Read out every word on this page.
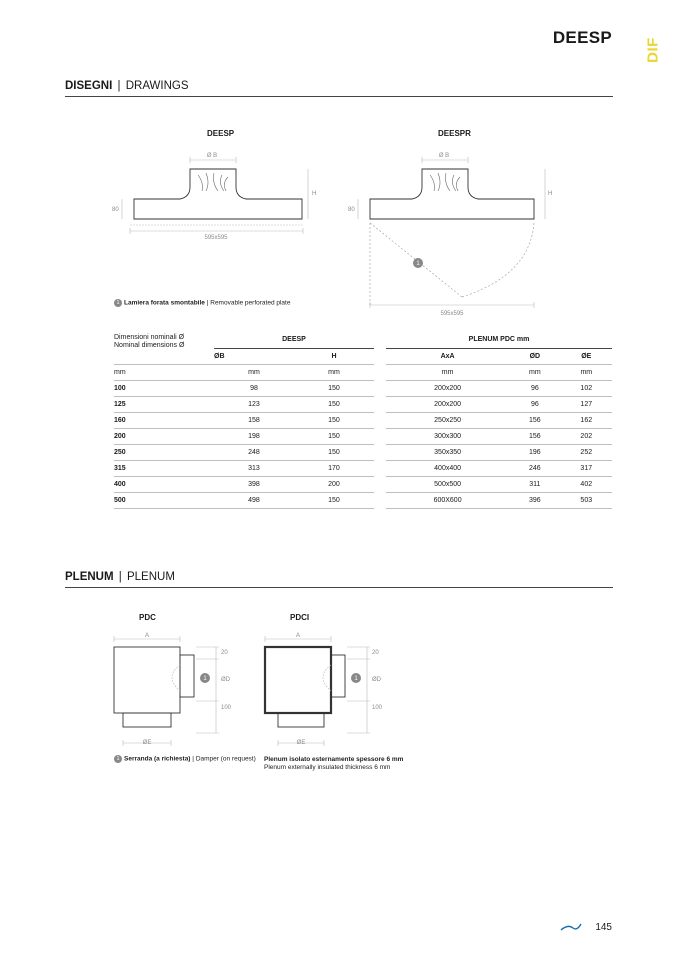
DEESP DIF
DISEGNI | DRAWINGS
DEESP	DEESPR
Ø B
H
80
595x595
1
Ø B
H
80
595x595
1 Lamiera forata smontabile | Removable perforated plate
Dimensioni nominali Ø
Nominal dimensions Ø	DEESP	
	ØB	H
mm	mm	mm
100	98	150
125	123	150
160	158	150
200	198	150
250	248	150
315	313	170
400	398	200
500	498	150
PLENUM PDC mm		
AxA	ØD	ØE
mm	mm	mm
200x200	96	102
200x200	96	127
250x250	156	162
300x300	156	202
350x350	196	252
400x400	246	317
500x500	311	402
600X600	396	503
PLENUM | PLENUM
PDC	PDCI
A
20
ØD
100
ØE
1
A
20
ØD
100
ØE
1
1 Serranda (a richiesta) | Damper (on request) Plenum isolato esternamente spessore 6 mm
Plenum externally insulated thickness 6 mm
145
